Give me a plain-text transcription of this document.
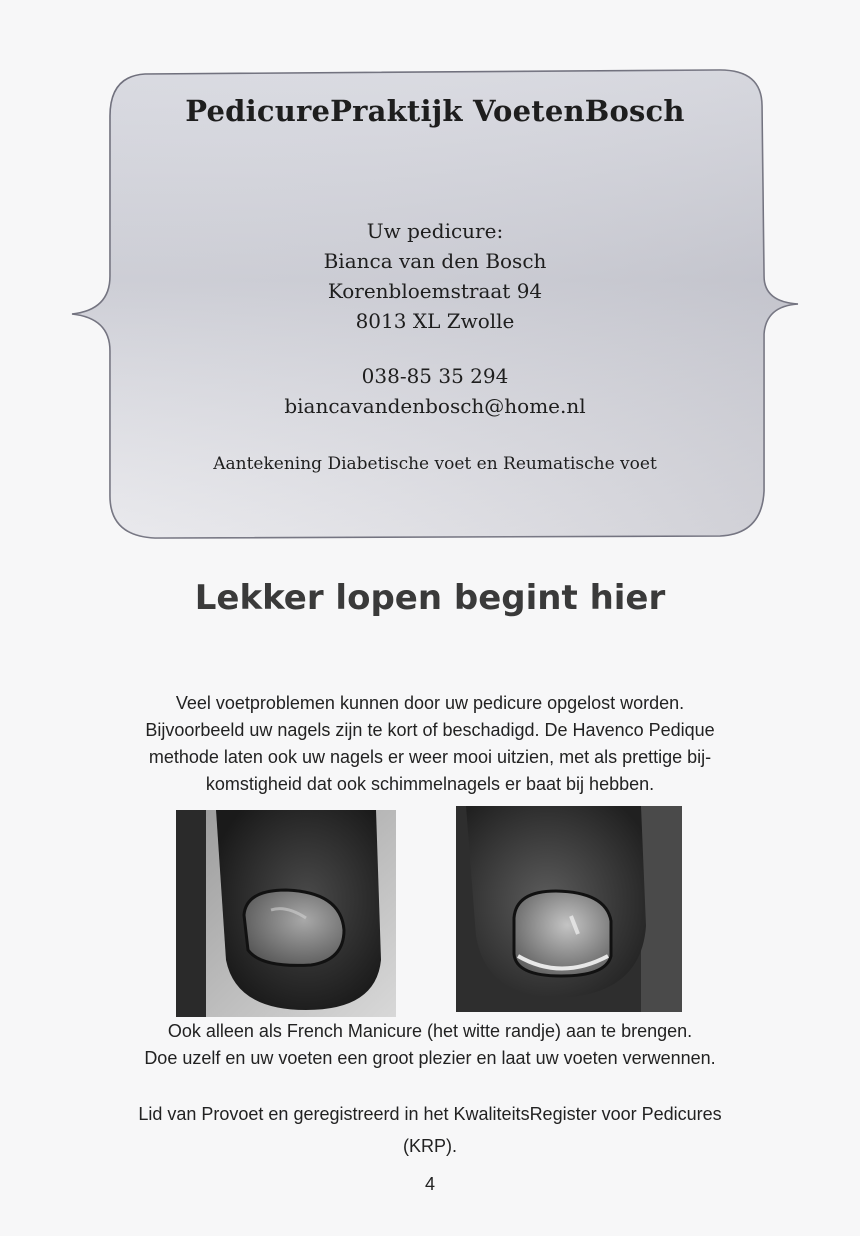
PedicurePraktijk VoetenBosch
Uw pedicure:
Bianca van den Bosch
Korenbloemstraat 94
8013 XL Zwolle
038-85 35 294
biancavandenbosch@home.nl
Aantekening Diabetische voet en Reumatische voet
Lekker lopen begint hier
Veel voetproblemen kunnen door uw pedicure opgelost worden.
Bijvoorbeeld uw nagels zijn te kort of beschadigd. De Havenco Pedique
methode laten ook uw nagels er weer mooi uitzien, met als prettige bij-
komstigheid dat ook schimmelnagels er baat bij hebben.
Ook alleen als French Manicure (het witte randje) aan te brengen.
Doe uzelf en uw voeten een groot plezier en laat uw voeten verwennen.
Lid van Provoet en geregistreerd in het KwaliteitsRegister voor Pedicures
(KRP).
4
